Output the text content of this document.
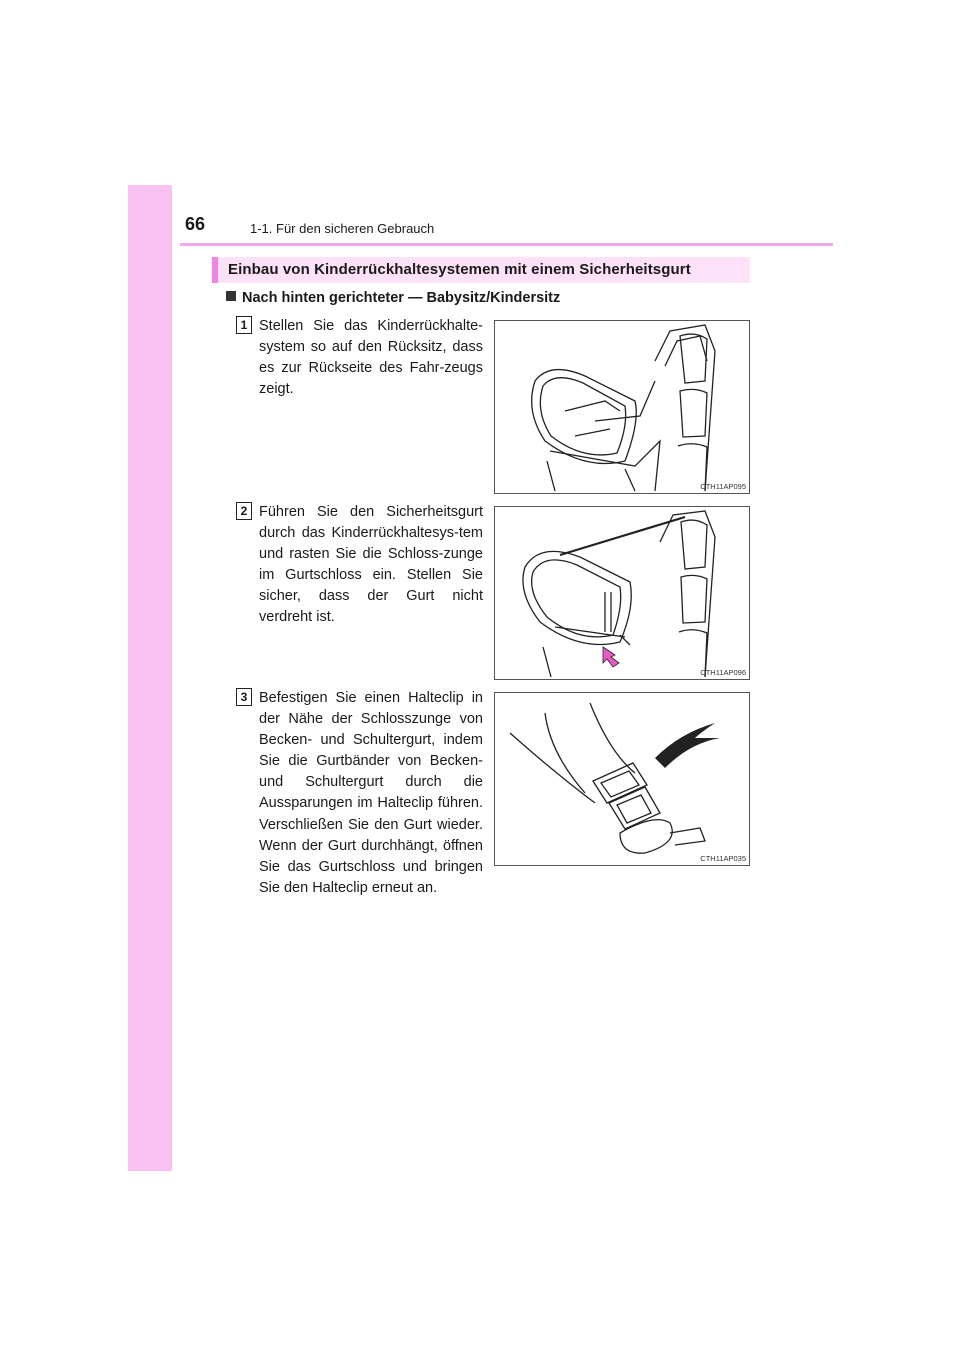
66	1-1. Für den sicheren Gebrauch
Einbau von Kinderrückhaltesystemen mit einem Sicherheitsgurt
Nach hinten gerichteter — Babysitz/Kindersitz
1 Stellen Sie das Kinderrückhalte-system so auf den Rücksitz, dass es zur Rückseite des Fahr-zeugs zeigt.
CTH11AP095
2 Führen Sie den Sicherheitsgurt durch das Kinderrückhaltesys-tem und rasten Sie die Schloss-zunge im Gurtschloss ein. Stellen Sie sicher, dass der Gurt nicht verdreht ist.
CTH11AP096
3 Befestigen Sie einen Halteclip in der Nähe der Schlosszunge von Becken- und Schultergurt, indem Sie die Gurtbänder von Becken- und Schultergurt durch die Aussparungen im Halteclip führen. Verschließen Sie den Gurt wieder. Wenn der Gurt durchhängt, öffnen Sie das Gurtschloss und bringen Sie den Halteclip erneut an.
CTH11AP035
